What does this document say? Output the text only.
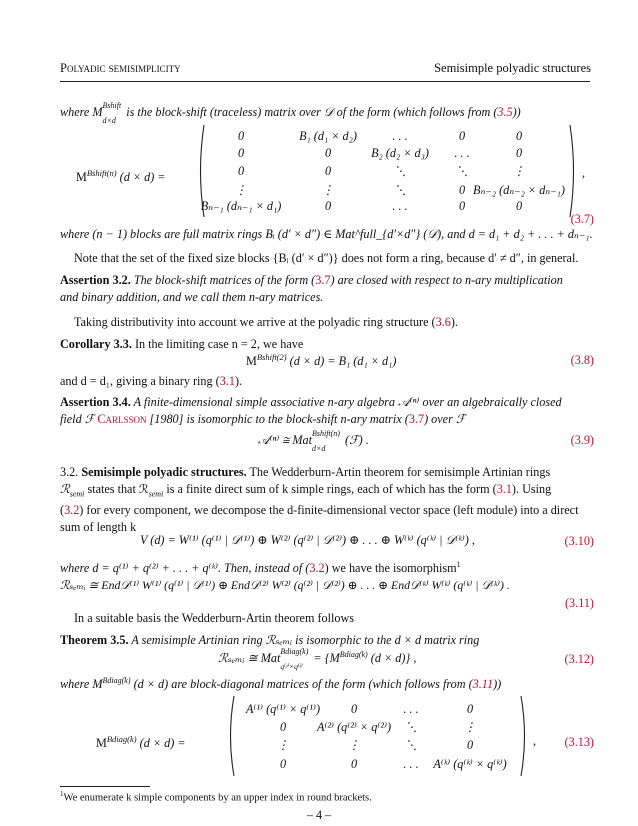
Polyadic semisimplicity	Semisimple polyadic structures
where $M^{Bshift}$
d×d
is the block-shift (traceless) matrix over 𝒟 of the form (which follows from (3.5))
$M^{Bshift(n)}$ (d × d) =	,
0	B₁ (d₁ × d₂)	. . .	0	0
0	0	B₂ (d₂ × d₃)	. . .	0
0	0	⋱	⋱	⋮
⋮	⋮	⋱	0 Bₙ₋₂ (dₙ₋₂ × dₙ₋₁)
Bₙ₋₁ (dₙ₋₁ × d₁)	0	. . .	0	0
(3.7)
where (n − 1) blocks are full matrix rings Bᵢ (d′ × d″) ∈ Mat^full_{d′×d″} (𝒟), and d = d₁ + d₂ + . . . + dₙ₋₁.
Note that the set of the fixed size blocks {Bᵢ (d′ × d″)} does not form a ring, because d′ ≠ d″, in general.
Assertion 3.2. The block-shift matrices of the form (3.7) are closed with respect to n-ary multiplication
and binary addition, and we call them n-ary matrices.
Taking distributivity into account we arrive at the polyadic ring structure (3.6).
Corollary 3.3. In the limiting case n = 2, we have
$M^{Bshift(2)}$ (d × d) = B₁ (d₁ × d₁)	(3.8)
and d = d₁, giving a binary ring (3.1).
Assertion 3.4. A finite-dimensional simple associative n-ary algebra 𝒜⁽ⁿ⁾ over an algebraically closed
field ℱ Carlsson [1980] is isomorphic to the block-shift n-ary matrix (3.7) over ℱ
𝒜⁽ⁿ⁾ ≅ Mat$^{Bshift(n)}$
d×d
(ℱ) .	(3.9)
3.2. Semisimple polyadic structures. The Wedderburn-Artin theorem for semisimple Artinian rings
ℛ$_{semi}$ states that ℛ$_{semi}$ is a finite direct sum of k simple rings, each of which has the form (3.1). Using
(3.2) for every component, we decompose the d-finite-dimensional vector space (left module) into a direct
sum of length k
V (d) = W⁽¹⁾ (q⁽¹⁾ | 𝒟⁽¹⁾) ⊕ W⁽²⁾ (q⁽²⁾ | 𝒟⁽²⁾) ⊕ . . . ⊕ W⁽ᵏ⁾ (q⁽ᵏ⁾ | 𝒟⁽ᵏ⁾) ,	(3.10)
where d = q⁽¹⁾ + q⁽²⁾ + . . . + q⁽ᵏ⁾. Then, instead of (3.2) we have the isomorphism$^1$
ℛₛₑₘᵢ ≅ End𝒟⁽¹⁾ W⁽¹⁾ (q⁽¹⁾ | 𝒟⁽¹⁾) ⊕ End𝒟⁽²⁾ W⁽²⁾ (q⁽²⁾ | 𝒟⁽²⁾) ⊕ . . . ⊕ End𝒟⁽ᵏ⁾ W⁽ᵏ⁾ (q⁽ᵏ⁾ | 𝒟⁽ᵏ⁾) .
(3.11)
In a suitable basis the Wedderburn-Artin theorem follows
Theorem 3.5. A semisimple Artinian ring ℛₛₑₘᵢ is isomorphic to the d × d matrix ring
ℛₛₑₘᵢ ≅ Mat$^{Bdiag(k)}$
q⁽ʲ⁾×q⁽ʲ⁾
= {$M^{Bdiag(k)}$ (d × d)} ,	(3.12)
where $M^{Bdiag(k)}$ (d × d) are block-diagonal matrices of the form (which follows from (3.11))
$M^{Bdiag(k)}$ (d × d) =	,
A⁽¹⁾ (q⁽¹⁾ × q⁽¹⁾)	0	. . .	0
0	A⁽²⁾ (q⁽²⁾ × q⁽²⁾)	⋱	⋮
⋮	⋮	⋱	0
0	0	. . .	A⁽ᵏ⁾ (q⁽ᵏ⁾ × q⁽ᵏ⁾)
(3.13)
$^1$We enumerate k simple components by an upper index in round brackets.
– 4 –
